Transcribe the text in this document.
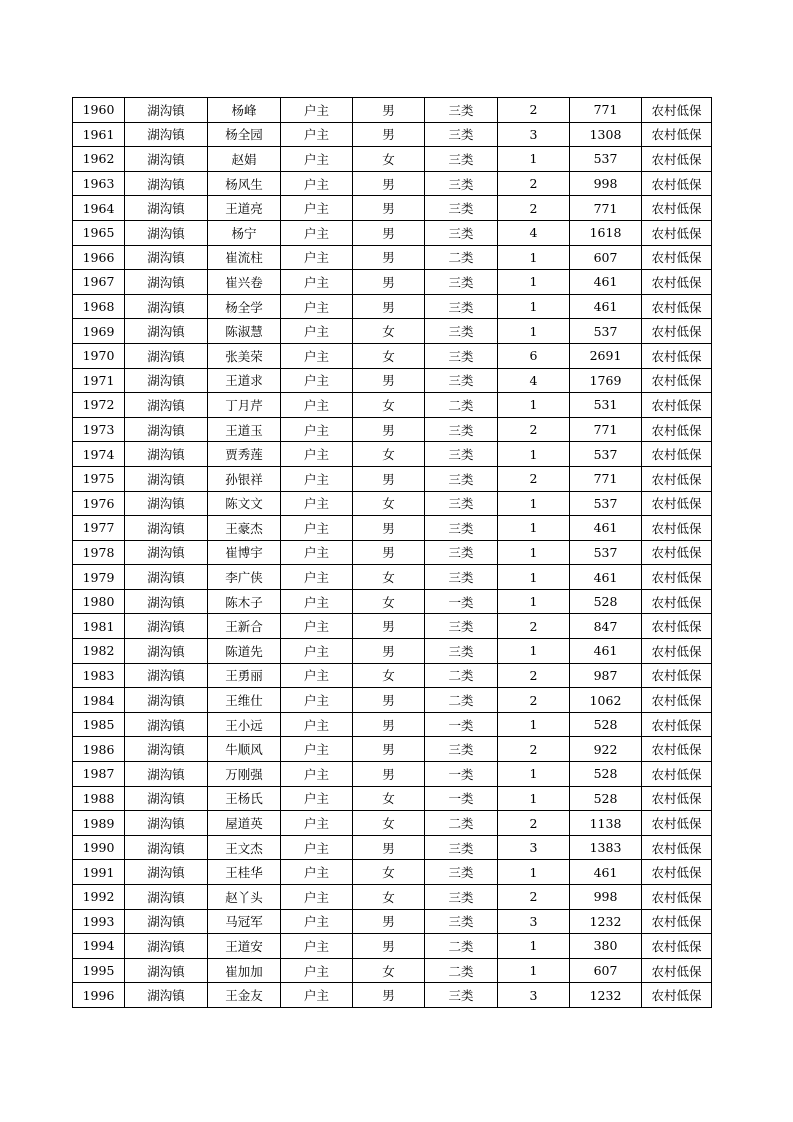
1960	湖沟镇	杨峰	户主	男	三类	2	771	农村低保
1961	湖沟镇	杨全园	户主	男	三类	3	1308	农村低保
1962	湖沟镇	赵娟	户主	女	三类	1	537	农村低保
1963	湖沟镇	杨风生	户主	男	三类	2	998	农村低保
1964	湖沟镇	王道亮	户主	男	三类	2	771	农村低保
1965	湖沟镇	杨宁	户主	男	三类	4	1618	农村低保
1966	湖沟镇	崔流柱	户主	男	二类	1	607	农村低保
1967	湖沟镇	崔兴卷	户主	男	三类	1	461	农村低保
1968	湖沟镇	杨全学	户主	男	三类	1	461	农村低保
1969	湖沟镇	陈淑慧	户主	女	三类	1	537	农村低保
1970	湖沟镇	张美荣	户主	女	三类	6	2691	农村低保
1971	湖沟镇	王道求	户主	男	三类	4	1769	农村低保
1972	湖沟镇	丁月芹	户主	女	二类	1	531	农村低保
1973	湖沟镇	王道玉	户主	男	三类	2	771	农村低保
1974	湖沟镇	贾秀莲	户主	女	三类	1	537	农村低保
1975	湖沟镇	孙银祥	户主	男	三类	2	771	农村低保
1976	湖沟镇	陈文文	户主	女	三类	1	537	农村低保
1977	湖沟镇	王豪杰	户主	男	三类	1	461	农村低保
1978	湖沟镇	崔博宇	户主	男	三类	1	537	农村低保
1979	湖沟镇	李广侠	户主	女	三类	1	461	农村低保
1980	湖沟镇	陈木子	户主	女	一类	1	528	农村低保
1981	湖沟镇	王新合	户主	男	三类	2	847	农村低保
1982	湖沟镇	陈道先	户主	男	三类	1	461	农村低保
1983	湖沟镇	王勇丽	户主	女	二类	2	987	农村低保
1984	湖沟镇	王维仕	户主	男	二类	2	1062	农村低保
1985	湖沟镇	王小远	户主	男	一类	1	528	农村低保
1986	湖沟镇	牛顺风	户主	男	三类	2	922	农村低保
1987	湖沟镇	万刚强	户主	男	一类	1	528	农村低保
1988	湖沟镇	王杨氏	户主	女	一类	1	528	农村低保
1989	湖沟镇	屋道英	户主	女	二类	2	1138	农村低保
1990	湖沟镇	王文杰	户主	男	三类	3	1383	农村低保
1991	湖沟镇	王桂华	户主	女	三类	1	461	农村低保
1992	湖沟镇	赵丫头	户主	女	三类	2	998	农村低保
1993	湖沟镇	马冠军	户主	男	三类	3	1232	农村低保
1994	湖沟镇	王道安	户主	男	二类	1	380	农村低保
1995	湖沟镇	崔加加	户主	女	二类	1	607	农村低保
1996	湖沟镇	王金友	户主	男	三类	3	1232	农村低保
